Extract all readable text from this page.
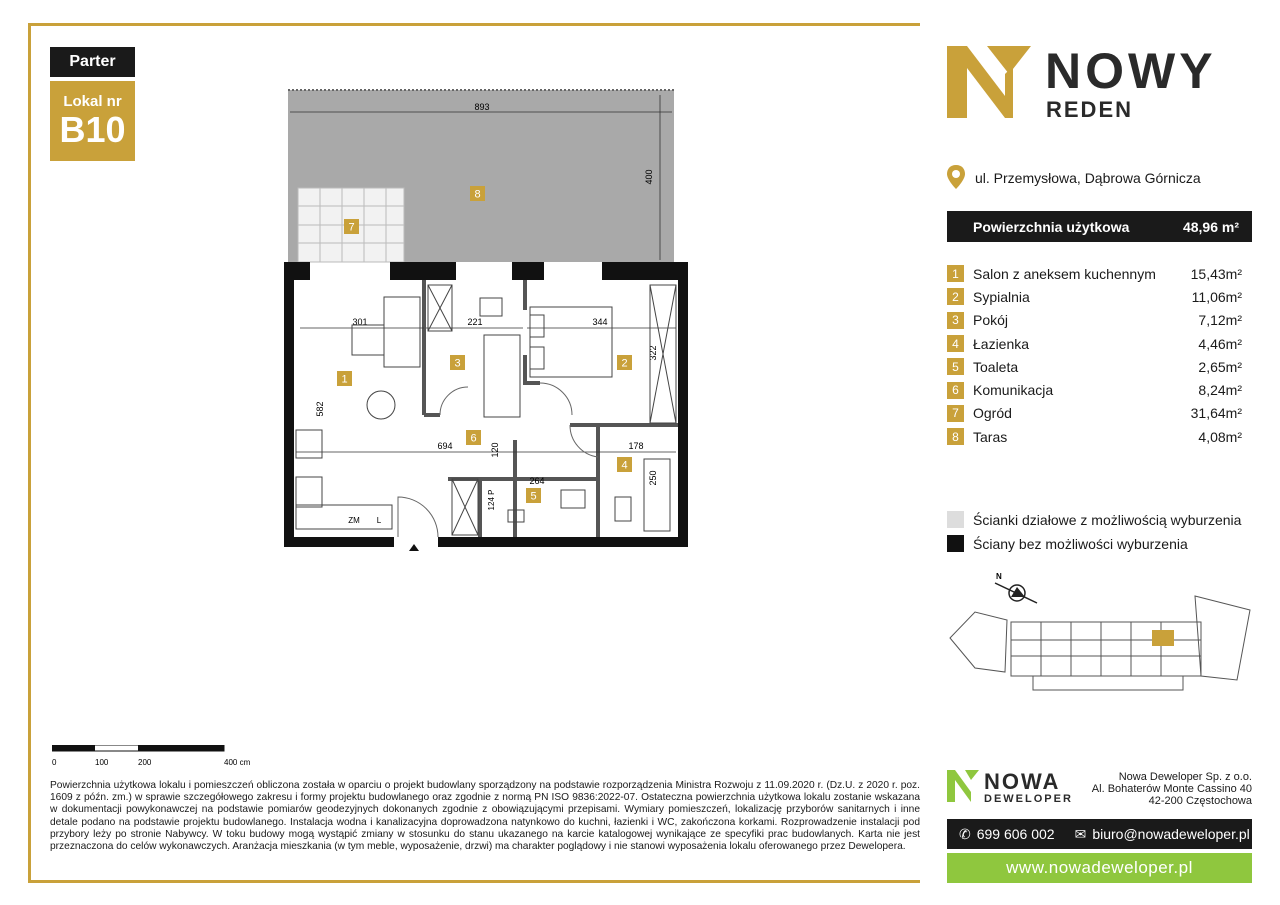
Parter
Lokal nr
B10
893
400
8
7
301	221	344
322
582
694	120	178
264	250
124 P
ZM L
1
2
3
4
5
6
NOWY
REDEN
ul. Przemysłowa, Dąbrowa Górnicza
Powierzchnia użytkowa	48,96 m²
1	Salon z aneksem kuchennym	15,43m²
2	Sypialnia	11,06m²
3	Pokój	7,12m²
4	Łazienka	4,46m²
5	Toaleta	2,65m²
6	Komunikacja	8,24m²
7	Ogród	31,64m²
8	Taras	4,08m²
Ścianki działowe z możliwością wyburzenia
Ściany bez możliwości wyburzenia
N
0	100	200	400 cm
Powierzchnia użytkowa lokalu i pomieszczeń obliczona została w oparciu o projekt budowlany sporządzony na podstawie rozporządzenia Ministra Rozwoju z 11.09.2020 r. (Dz.U. z 2020 r. poz. 1609 z późn. zm.) w sprawie szczegółowego zakresu i formy projektu budowlanego oraz zgodnie z normą PN ISO 9836:2022-07. Ostateczna powierzchnia użytkowa lokalu zostanie wskazana w dokumentacji powykonawczej na podstawie pomiarów geodezyjnych dokonanych zgodnie z obowiązującymi przepisami. Wymiary pomieszczeń, lokalizację przyborów sanitarnych i inne detale podano na podstawie projektu budowlanego. Instalacja wodna i kanalizacyjna doprowadzona natynkowo do kuchni, łazienki i WC, zakończona korkami. Rozprowadzenie instalacji pod przybory leży po stronie Nabywcy. W toku budowy mogą wystąpić zmiany w stosunku do stanu ukazanego na karcie katalogowej wynikające ze specyfiki prac budowlanych. Karta nie jest przeznaczona do celów wykonawczych. Aranżacja mieszkania (w tym meble, wyposażenie, drzwi) ma charakter poglądowy i nie stanowi wyposażenia lokalu oferowanego przez Dewelopera.
NOWA
DEWELOPER
Nowa Deweloper Sp. z o.o.
Al. Bohaterów Monte Cassino 40
42-200 Częstochowa
✆ 699 606 002 ✉ biuro@nowadeweloper.pl
www.nowadeweloper.pl
